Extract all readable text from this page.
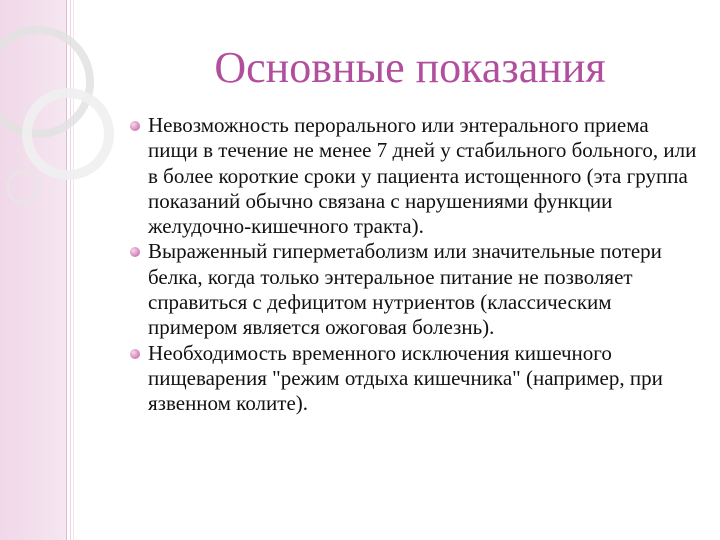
Основные показания
Невозможность перорального или энтерального приема пищи в течение не менее 7 дней у стабильного больного, или в более короткие сроки у пациента истощенного (эта группа показаний обычно связана с нарушениями функции желудочно-кишечного тракта).
Выраженный гиперметаболизм или значительные потери белка, когда только энтеральное питание не позволяет справиться с дефицитом нутриентов (классическим примером является ожоговая болезнь).
Необходимость временного исключения кишечного пищеварения "режим отдыха кишечника" (например, при язвенном колите).
